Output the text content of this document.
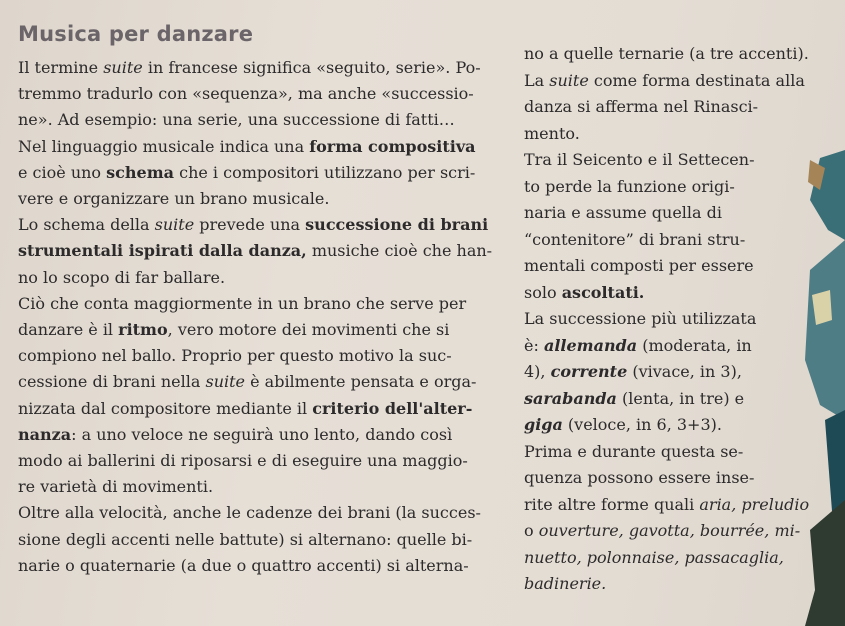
Musica per danzare
Il termine suite in francese significa «seguito, serie». Po-
tremmo tradurlo con «sequenza», ma anche «successio-
ne». Ad esempio: una serie, una successione di fatti…
Nel linguaggio musicale indica una forma compositiva
e cioè uno schema che i compositori utilizzano per scri-
vere e organizzare un brano musicale.
Lo schema della suite prevede una successione di brani
strumentali ispirati dalla danza, musiche cioè che han-
no lo scopo di far ballare.
Ciò che conta maggiormente in un brano che serve per
danzare è il ritmo, vero motore dei movimenti che si
compiono nel ballo. Proprio per questo motivo la suc-
cessione di brani nella suite è abilmente pensata e orga-
nizzata dal compositore mediante il criterio dell'alter-
nanza: a uno veloce ne seguirà uno lento, dando così
modo ai ballerini di riposarsi e di eseguire una maggio-
re varietà di movimenti.
Oltre alla velocità, anche le cadenze dei brani (la succes-
sione degli accenti nelle battute) si alternano: quelle bi-
narie o quaternarie (a due o quattro accenti) si alterna-
no a quelle ternarie (a tre accenti).
La suite come forma destinata alla
danza si afferma nel Rinasci-
mento.
Tra il Seicento e il Settecen-
to perde la funzione origi-
naria e assume quella di
“contenitore” di brani stru-
mentali composti per essere
solo ascoltati.
La successione più utilizzata
è: allemanda (moderata, in
4), corrente (vivace, in 3),
sarabanda (lenta, in tre) e
giga (veloce, in 6, 3+3).
Prima e durante questa se-
quenza possono essere inse-
rite altre forme quali aria, preludio
o ouverture, gavotta, bourrée, mi-
nuetto, polonnaise, passacaglia,
badinerie.
